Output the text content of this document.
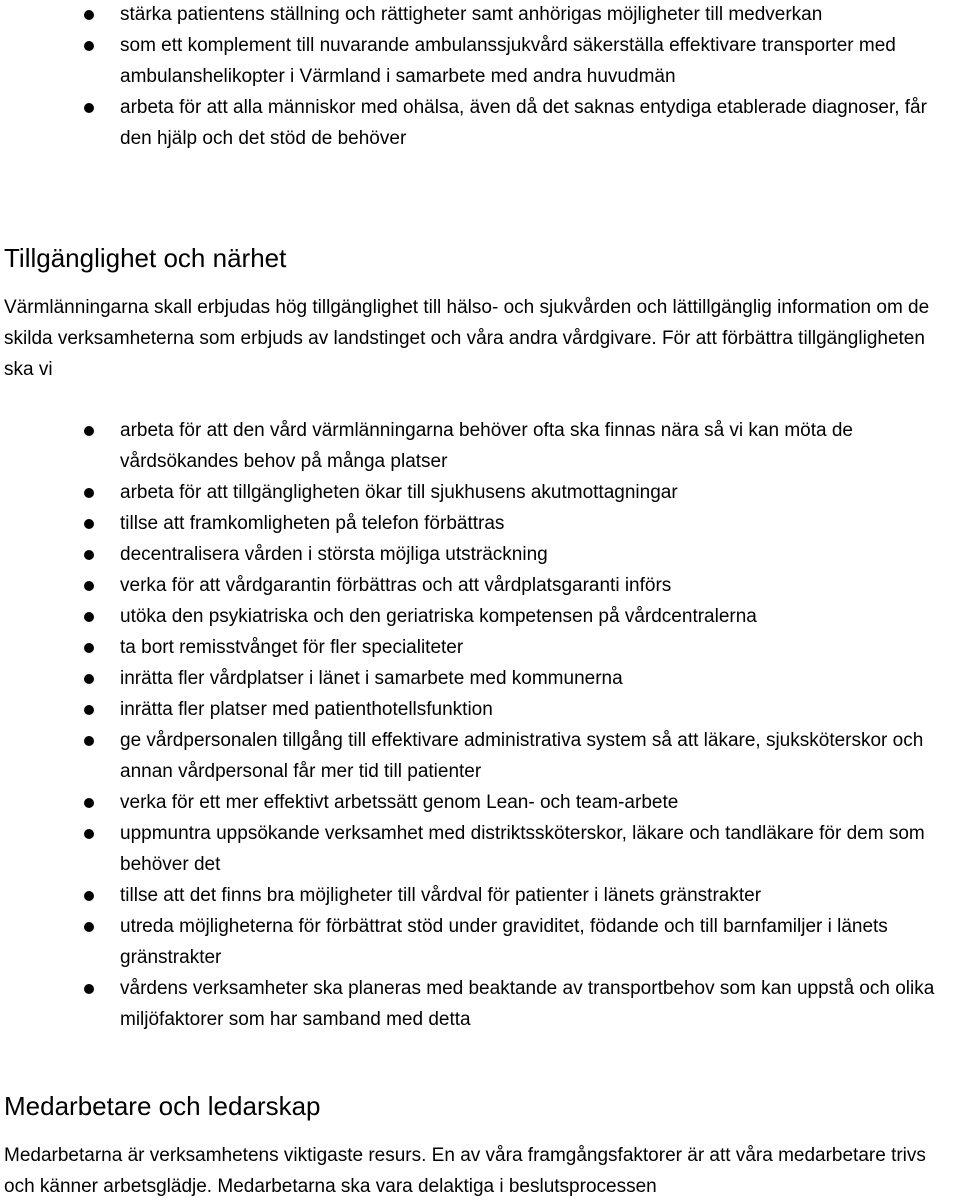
stärka patientens ställning och rättigheter samt anhörigas möjligheter till medverkan
som ett komplement till nuvarande ambulanssjukvård säkerställa effektivare transporter med ambulanshelikopter i Värmland i samarbete med andra huvudmän
arbeta för att alla människor med ohälsa, även då det saknas entydiga etablerade diagnoser, får den hjälp och det stöd de behöver
Tillgänglighet och närhet

Värmlänningarna skall erbjudas hög tillgänglighet till hälso- och sjukvården och lättillgänglig information om de skilda verksamheterna som erbjuds av landstinget och våra andra vårdgivare. För att förbättra tillgängligheten ska vi

arbeta för att den vård värmlänningarna behöver ofta ska finnas nära så vi kan möta de vårdsökandes behov på många platser
arbeta för att tillgängligheten ökar till sjukhusens akutmottagningar
tillse att framkomligheten på telefon förbättras
decentralisera vården i största möjliga utsträckning
verka för att vårdgarantin förbättras och att vårdplatsgaranti införs
utöka den psykiatriska och den geriatriska kompetensen på vårdcentralerna
ta bort remisstvånget för fler specialiteter
inrätta fler vårdplatser i länet i samarbete med kommunerna
inrätta fler platser med patienthotellsfunktion
ge vårdpersonalen tillgång till effektivare administrativa system så att läkare, sjuksköterskor och annan vårdpersonal får mer tid till patienter
verka för ett mer effektivt arbetssätt genom Lean- och team-arbete
uppmuntra uppsökande verksamhet med distriktssköterskor, läkare och tandläkare för dem som behöver det
tillse att det finns bra möjligheter till vårdval för patienter i länets gränstrakter
utreda möjligheterna för förbättrat stöd under graviditet, födande och till barnfamiljer i länets gränstrakter
vårdens verksamheter ska planeras med beaktande av transportbehov som kan uppstå och olika miljöfaktorer som har samband med detta
Medarbetare och ledarskap

Medarbetarna är verksamhetens viktigaste resurs. En av våra framgångsfaktorer är att våra medarbetare trivs och känner arbetsglädje. Medarbetarna ska vara delaktiga i beslutsprocessen
